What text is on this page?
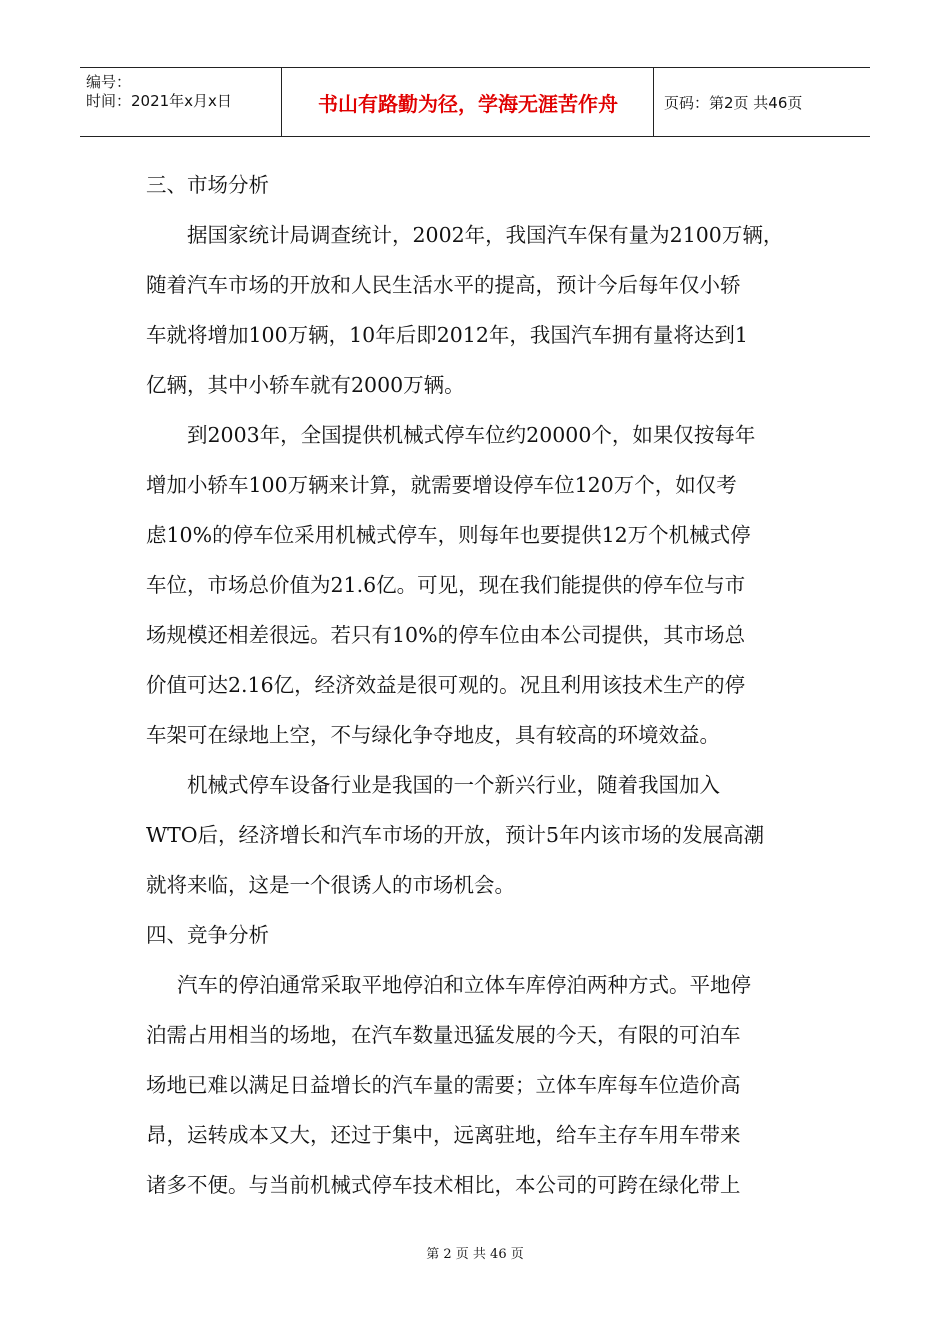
编号：
时间：2021年x月x日	书山有路勤为径，学海无涯苦作舟	页码：第2页 共46页
三、市场分析
据国家统计局调查统计，2002年，我国汽车保有量为2100万辆，
随着汽车市场的开放和人民生活水平的提高，预计今后每年仅小轿
车就将增加100万辆，10年后即2012年，我国汽车拥有量将达到1
亿辆，其中小轿车就有2000万辆。
到2003年，全国提供机械式停车位约20000个，如果仅按每年
增加小轿车100万辆来计算，就需要增设停车位120万个，如仅考
虑10%的停车位采用机械式停车，则每年也要提供12万个机械式停
车位，市场总价值为21.6亿。可见，现在我们能提供的停车位与市
场规模还相差很远。若只有10%的停车位由本公司提供，其市场总
价值可达2.16亿，经济效益是很可观的。况且利用该技术生产的停
车架可在绿地上空，不与绿化争夺地皮，具有较高的环境效益。
机械式停车设备行业是我国的一个新兴行业，随着我国加入
WTO后，经济增长和汽车市场的开放，预计5年内该市场的发展高潮
就将来临，这是一个很诱人的市场机会。
四、竞争分析
汽车的停泊通常采取平地停泊和立体车库停泊两种方式。平地停
泊需占用相当的场地，在汽车数量迅猛发展的今天，有限的可泊车
场地已难以满足日益增长的汽车量的需要；立体车库每车位造价高
昂，运转成本又大，还过于集中，远离驻地，给车主存车用车带来
诸多不便。与当前机械式停车技术相比，本公司的可跨在绿化带上
第 2 页 共 46 页
